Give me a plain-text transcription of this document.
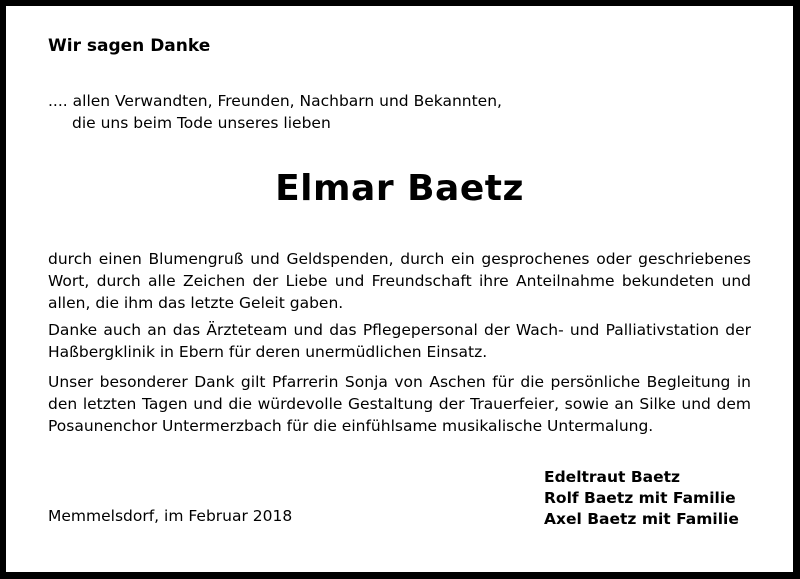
Wir sagen Danke
.... allen Verwandten, Freunden, Nachbarn und Bekannten,
die uns beim Tode unseres lieben
Elmar Baetz

durch einen Blumengruß und Geldspenden, durch ein gesprochenes oder geschriebenes Wort, durch alle Zeichen der Liebe und Freundschaft ihre Anteilnahme bekundeten und allen, die ihm das letzte Geleit gaben.

Danke auch an das Ärzteteam und das Pflegepersonal der Wach- und Palliativstation der Haßbergklinik in Ebern für deren unermüdlichen Einsatz.

Unser besonderer Dank gilt Pfarrerin Sonja von Aschen für die persönliche Begleitung in den letzten Tagen und die würdevolle Gestaltung der Trauerfeier, sowie an Silke und dem Posaunenchor Untermerzbach für die einfühlsame musikalische Untermalung.

Memmelsdorf, im Februar 2018
Edeltraut Baetz
Rolf Baetz mit Familie
Axel Baetz mit Familie
